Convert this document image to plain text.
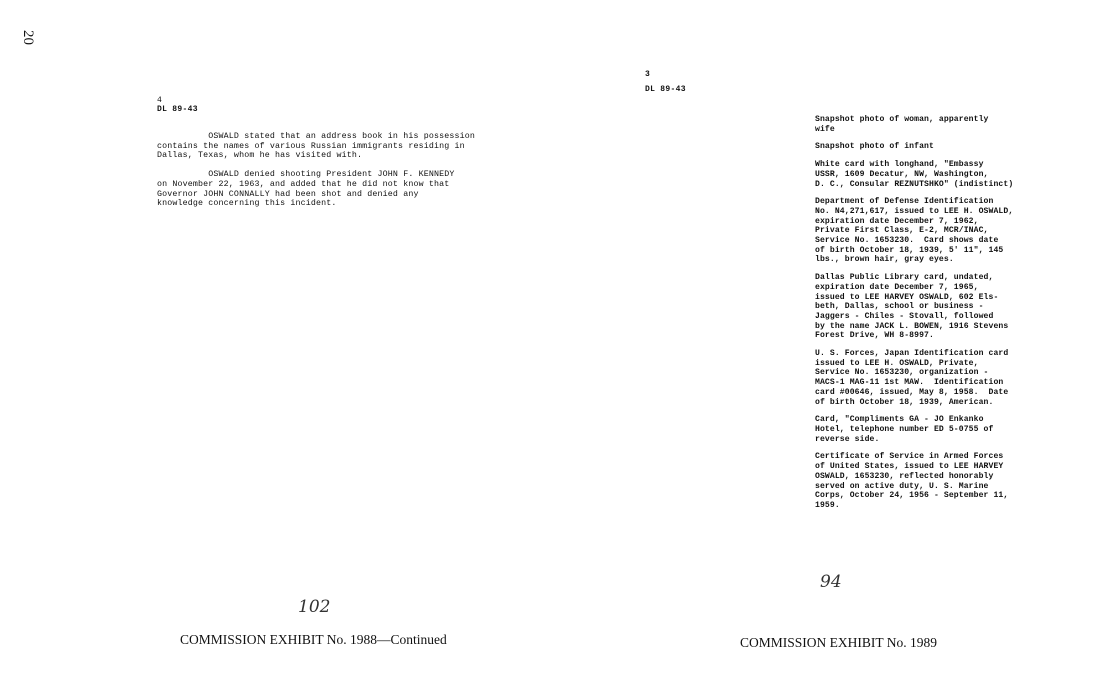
20
4
DL 89-43
OSWALD stated that an address book in his possession
contains the names of various Russian immigrants residing in
Dallas, Texas, whom he has visited with.
OSWALD denied shooting President JOHN F. KENNEDY
on November 22, 1963, and added that he did not know that
Governor JOHN CONNALLY had been shot and denied any
knowledge concerning this incident.
102
COMMISSION EXHIBIT No. 1988—Continued
3
DL 89-43
Snapshot photo of woman, apparently
wife
Snapshot photo of infant
White card with longhand, "Embassy
USSR, 1609 Decatur, NW, Washington,
D. C., Consular REZNUTSHKO" (indistinct)
Department of Defense Identification
No. N4,271,617, issued to LEE H. OSWALD,
expiration date December 7, 1962,
Private First Class, E-2, MCR/INAC,
Service No. 1653230.  Card shows date
of birth October 18, 1939, 5' 11", 145
lbs., brown hair, gray eyes.
Dallas Public Library card, undated,
expiration date December 7, 1965,
issued to LEE HARVEY OSWALD, 602 Els-
beth, Dallas, school or business -
Jaggers - Chiles - Stovall, followed
by the name JACK L. BOWEN, 1916 Stevens
Forest Drive, WH 8-8997.
U. S. Forces, Japan Identification card
issued to LEE H. OSWALD, Private,
Service No. 1653230, organization -
MACS-1 MAG-11 1st MAW.  Identification
card #00646, issued, May 8, 1958.  Date
of birth October 18, 1939, American.
Card, "Compliments GA - JO Enkanko
Hotel, telephone number ED 5-0755 of
reverse side.
Certificate of Service in Armed Forces
of United States, issued to LEE HARVEY
OSWALD, 1653230, reflected honorably
served on active duty, U. S. Marine
Corps, October 24, 1956 - September 11,
1959.
94
COMMISSION EXHIBIT No. 1989
